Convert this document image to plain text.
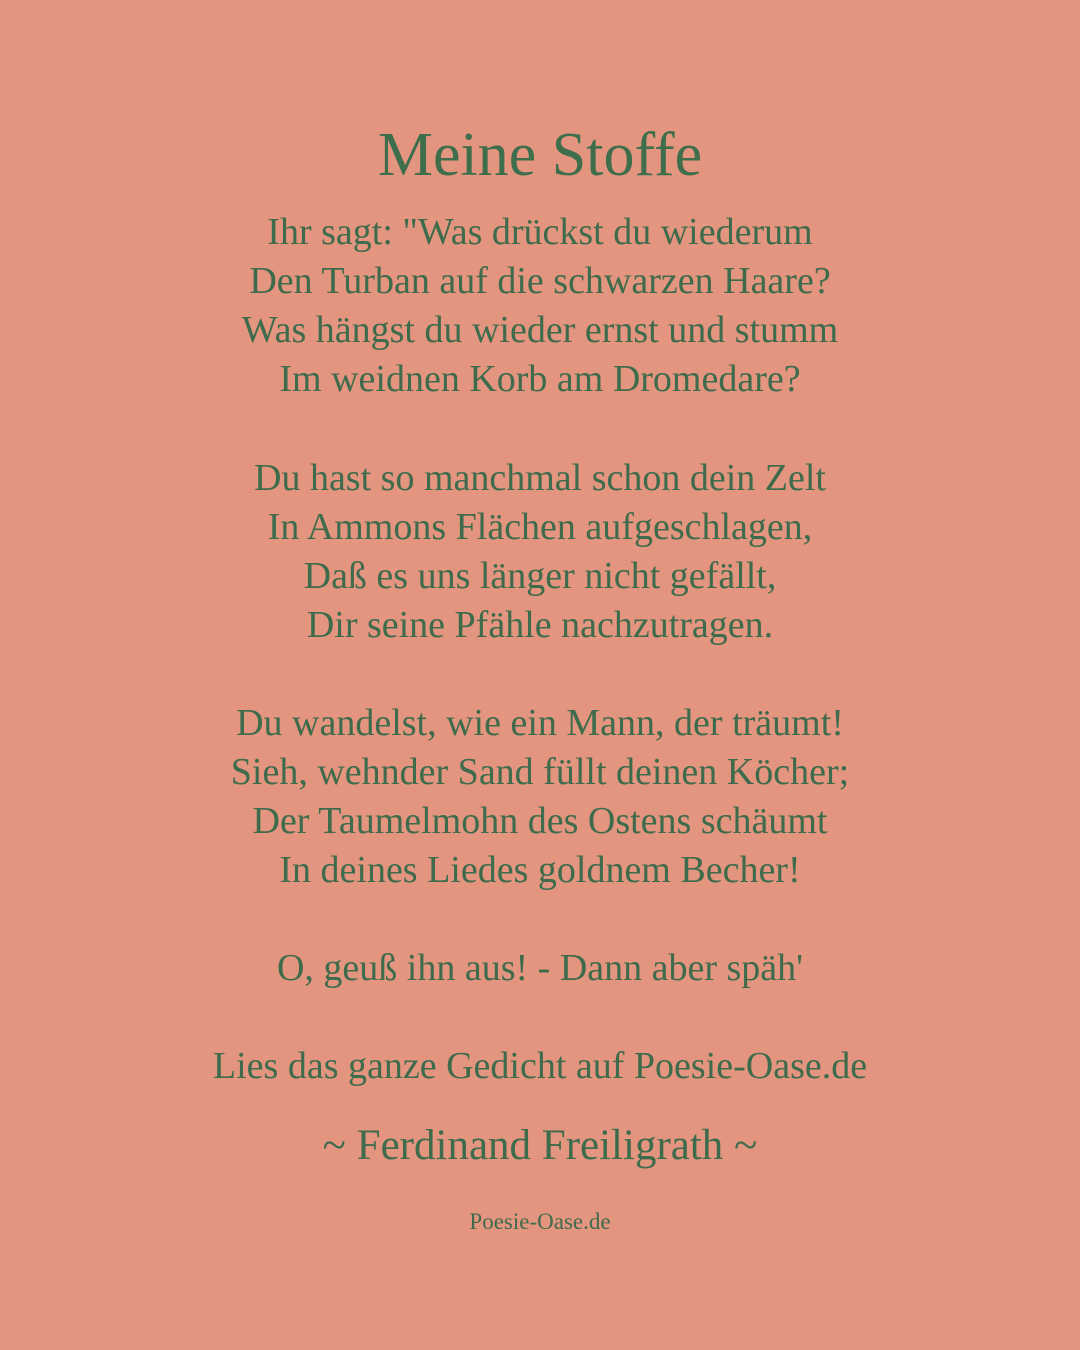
Meine Stoffe
Ihr sagt: "Was drückst du wiederum
Den Turban auf die schwarzen Haare?
Was hängst du wieder ernst und stumm
Im weidnen Korb am Dromedare?
Du hast so manchmal schon dein Zelt
In Ammons Flächen aufgeschlagen,
Daß es uns länger nicht gefällt,
Dir seine Pfähle nachzutragen.
Du wandelst, wie ein Mann, der träumt!
Sieh, wehnder Sand füllt deinen Köcher;
Der Taumelmohn des Ostens schäumt
In deines Liedes goldnem Becher!
O, geuß ihn aus! - Dann aber späh'
Lies das ganze Gedicht auf Poesie-Oase.de
~ Ferdinand Freiligrath ~
Poesie-Oase.de
